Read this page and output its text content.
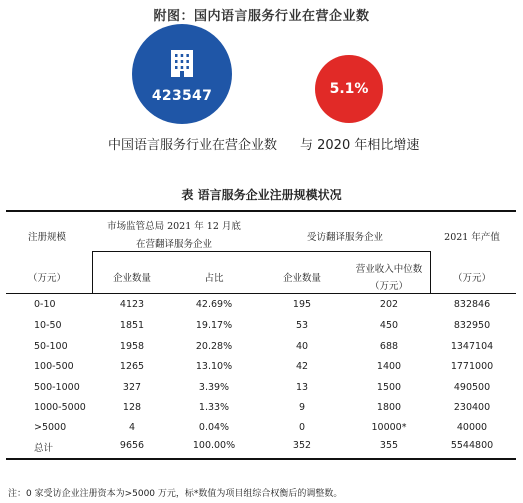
附图：国内语言服务行业在营企业数
423547	5.1%
中国语言服务行业在营企业数 与 2020 年相比增速
表 语言服务企业注册规模状况
注册规模
（万元）
市场监管总局 2021 年 12 月底
在营翻译服务企业
受访翻译服务企业	2021 年产值
（万元）
企业数量	占比	企业数量
营业收入中位数
（万元）
0-10	4123	42.69%	195	202	832846
10-50	1851	19.17%	53	450	832950
50-100	1958	20.28%	40	688	1347104
100-500	1265	13.10%	42	1400	1771000
500-1000	327	3.39%	13	1500	490500
1000-5000	128	1.33%	9	1800	230400
>5000	4	0.04%	0	10000*	40000
总计	9656	100.00%	352	355	5544800
注：0 家受访企业注册资本为>5000 万元，标*数值为项目组综合权衡后的调整数。
